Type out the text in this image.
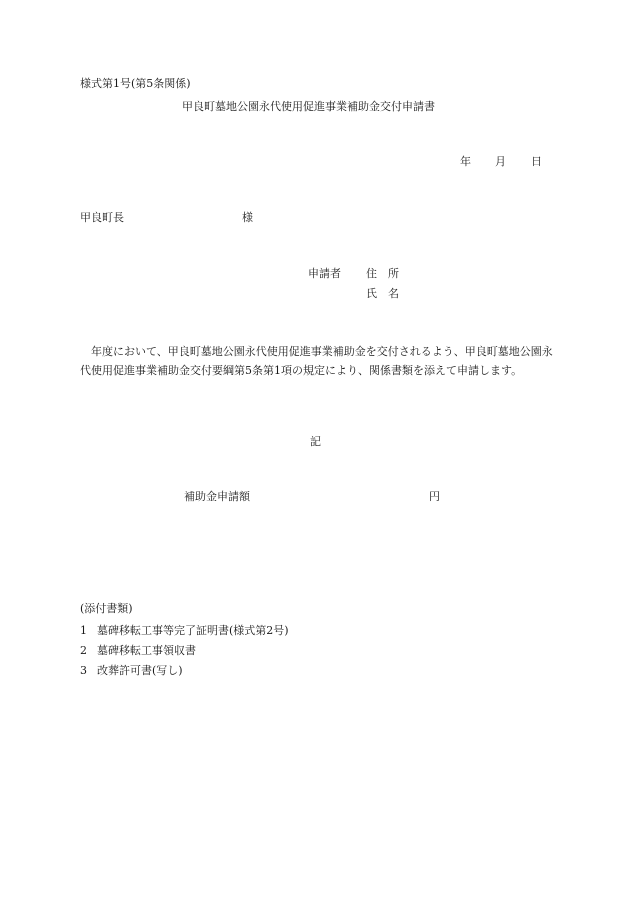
様式第1号(第5条関係)
甲良町墓地公園永代使用促進事業補助金交付申請書
年 月 日
甲良町長	様
申請者 住　所
氏　名

年度において、甲良町墓地公園永代使用促進事業補助金を交付されるよう、甲良町墓地公園永代使用促進事業補助金交付要綱第5条第1項の規定により、関係書類を添えて申請します。

記
補助金申請額	円
(添付書類)
1 墓碑移転工事等完了証明書(様式第2号)
2 墓碑移転工事領収書
3 改葬許可書(写し)
